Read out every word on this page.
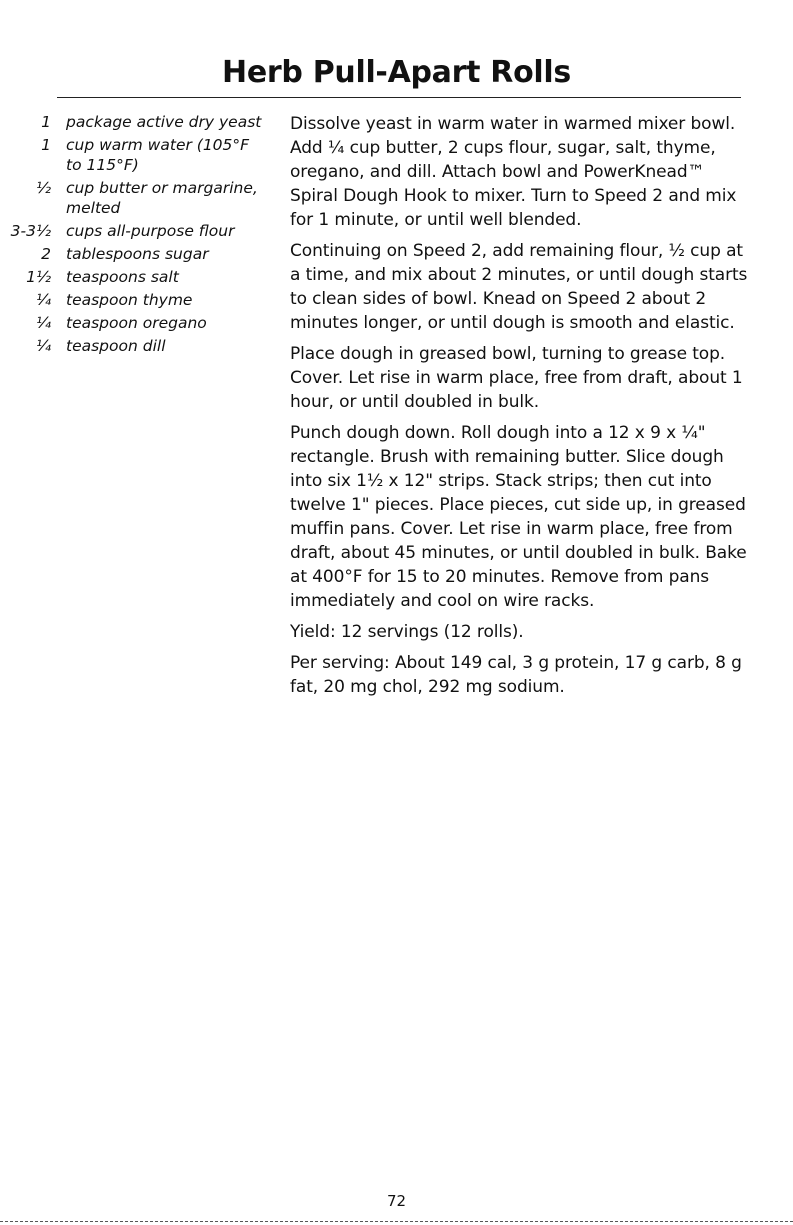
Herb Pull-Apart Rolls
1 package active dry yeast
1 cup warm water (105°F to 115°F)
½ cup butter or margarine, melted
3-3½ cups all-purpose flour
2 tablespoons sugar
1½ teaspoons salt
¼ teaspoon thyme
¼ teaspoon oregano
¼ teaspoon dill

Dissolve yeast in warm water in warmed mixer bowl. Add ¼ cup butter, 2 cups flour, sugar, salt, thyme, oregano, and dill. Attach bowl and PowerKnead™ Spiral Dough Hook to mixer. Turn to Speed 2 and mix for 1 minute, or until well blended.

Continuing on Speed 2, add remaining flour, ½ cup at a time, and mix about 2 minutes, or until dough starts to clean sides of bowl. Knead on Speed 2 about 2 minutes longer, or until dough is smooth and elastic.

Place dough in greased bowl, turning to grease top. Cover. Let rise in warm place, free from draft, about 1 hour, or until doubled in bulk.

Punch dough down. Roll dough into a 12 x 9 x ¼" rectangle. Brush with remaining butter. Slice dough into six 1½ x 12" strips. Stack strips; then cut into twelve 1" pieces. Place pieces, cut side up, in greased muffin pans. Cover. Let rise in warm place, free from draft, about 45 minutes, or until doubled in bulk. Bake at 400°F for 15 to 20 minutes. Remove from pans immediately and cool on wire racks.

Yield: 12 servings (12 rolls).

Per serving: About 149 cal, 3 g protein, 17 g carb, 8 g fat, 20 mg chol, 292 mg sodium.

72
